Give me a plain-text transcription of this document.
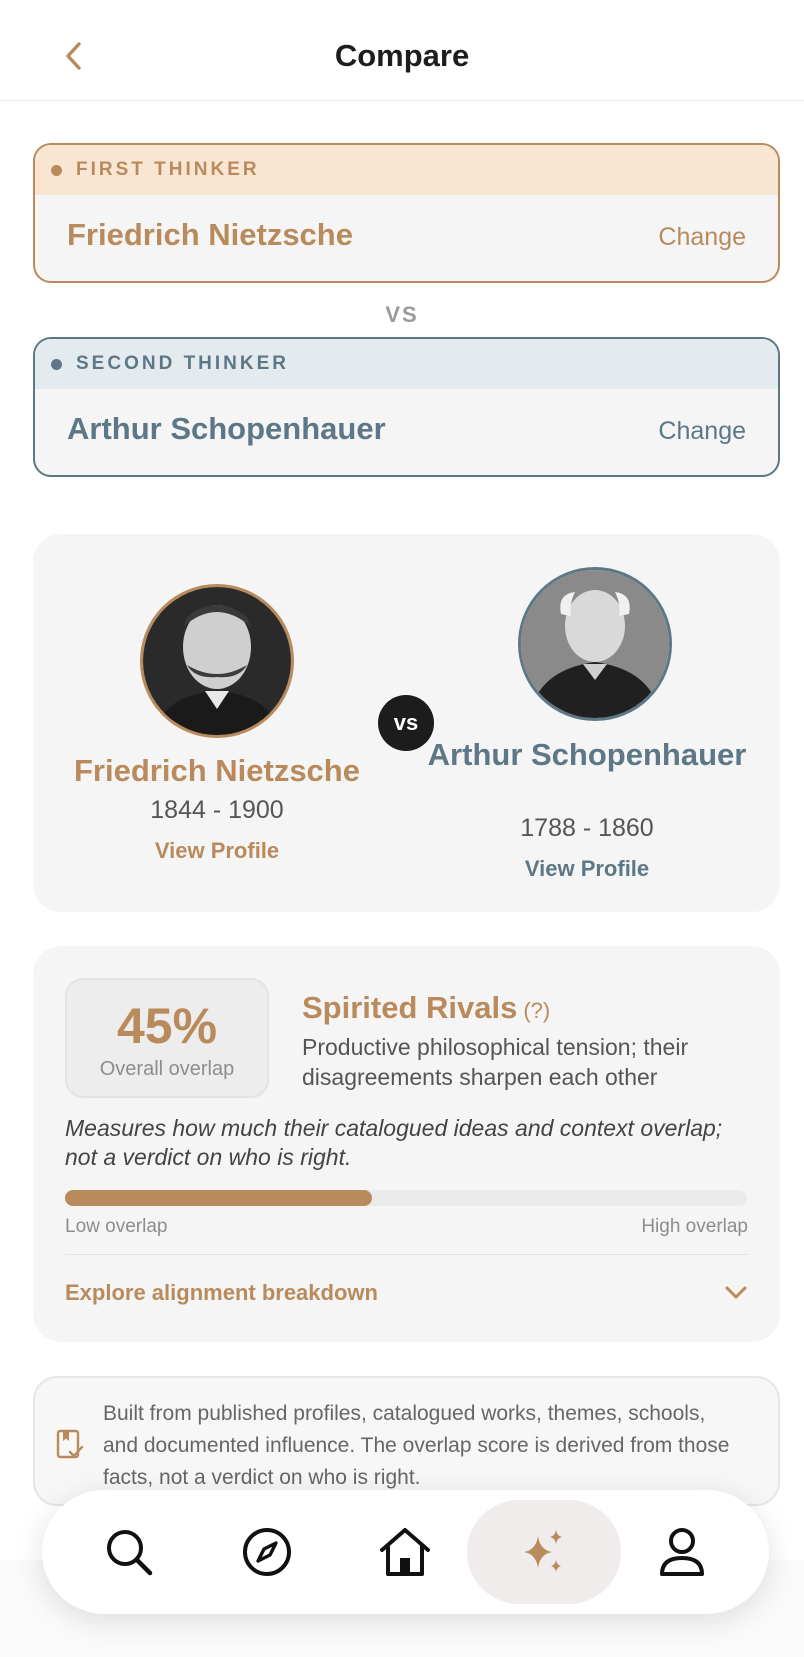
Compare
FIRST THINKER
Friedrich Nietzsche	Change
VS
SECOND THINKER
Arthur Schopenhauer	Change
vs
Friedrich Nietzsche
1844 - 1900
View Profile
Arthur Schopenhauer
1788 - 1860
View Profile
45%
Overall overlap
Spirited Rivals (?)
Productive philosophical tension; their disagreements sharpen each other
Measures how much their catalogued ideas and context overlap; not a verdict on who is right.
Low overlap	High overlap
Explore alignment breakdown
Built from published profiles, catalogued works, themes, schools, and documented influence. The overlap score is derived from those facts, not a verdict on who is right.
